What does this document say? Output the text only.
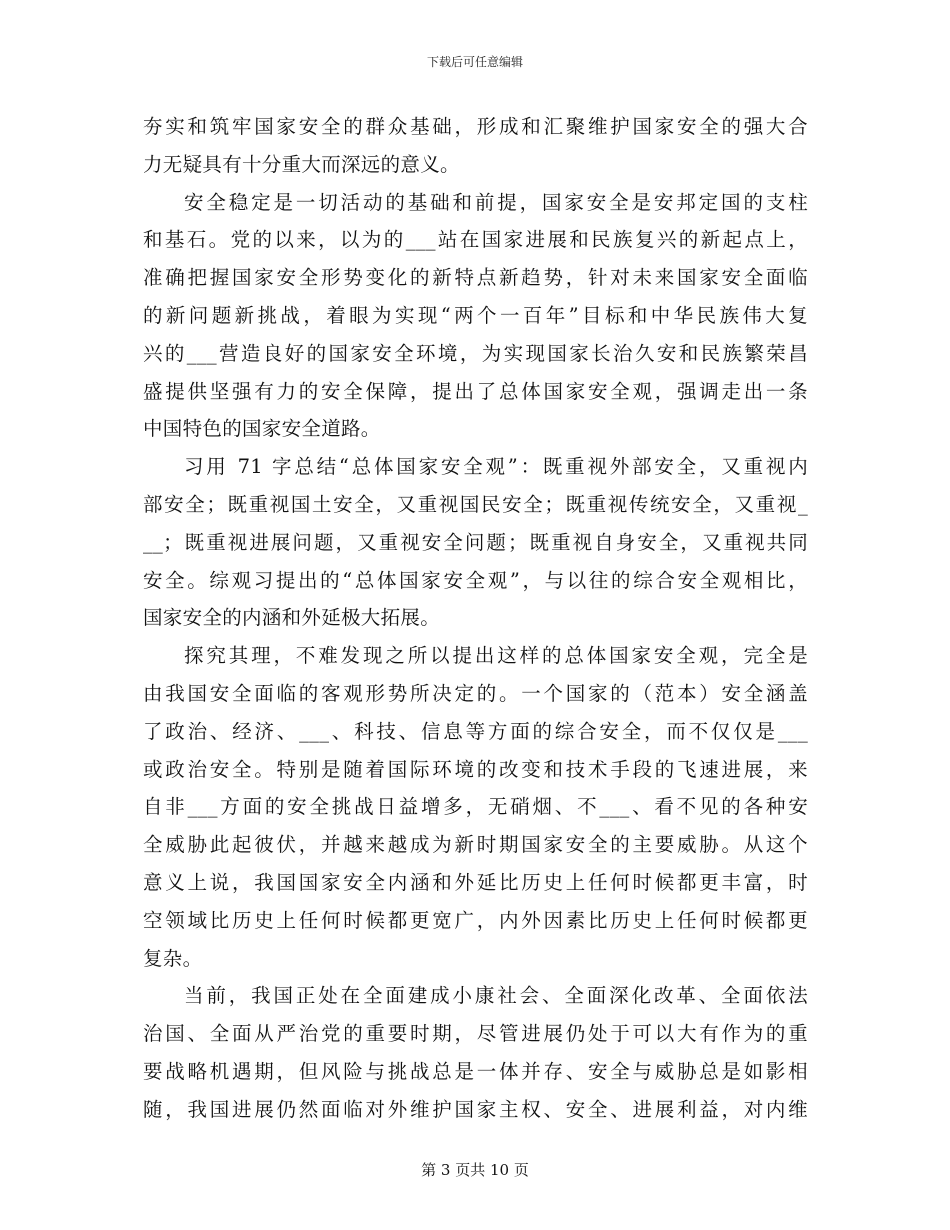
下载后可任意编辑
夯实和筑牢国家安全的群众基础，形成和汇聚维护国家安全的强大合
力无疑具有十分重大而深远的意义。
安全稳定是一切活动的基础和前提，国家安全是安邦定国的支柱
和基石。党的以来，以为的___站在国家进展和民族复兴的新起点上，
准确把握国家安全形势变化的新特点新趋势，针对未来国家安全面临
的新问题新挑战，着眼为实现“两个一百年”目标和中华民族伟大复
兴的___营造良好的国家安全环境，为实现国家长治久安和民族繁荣昌
盛提供坚强有力的安全保障，提出了总体国家安全观，强调走出一条
中国特色的国家安全道路。
习用 71 字总结“总体国家安全观”：既重视外部安全，又重视内
部安全；既重视国土安全，又重视国民安全；既重视传统安全，又重视_
__；既重视进展问题，又重视安全问题；既重视自身安全，又重视共同
安全。综观习提出的“总体国家安全观”，与以往的综合安全观相比，
国家安全的内涵和外延极大拓展。
探究其理，不难发现之所以提出这样的总体国家安全观，完全是
由我国安全面临的客观形势所决定的。一个国家的（范本）安全涵盖
了政治、经济、___、科技、信息等方面的综合安全，而不仅仅是___
或政治安全。特别是随着国际环境的改变和技术手段的飞速进展，来
自非___方面的安全挑战日益增多，无硝烟、不___、看不见的各种安
全威胁此起彼伏，并越来越成为新时期国家安全的主要威胁。从这个
意义上说，我国国家安全内涵和外延比历史上任何时候都更丰富，时
空领域比历史上任何时候都更宽广，内外因素比历史上任何时候都更
复杂。
当前，我国正处在全面建成小康社会、全面深化改革、全面依法
治国、全面从严治党的重要时期，尽管进展仍处于可以大有作为的重
要战略机遇期，但风险与挑战总是一体并存、安全与威胁总是如影相
随，我国进展仍然面临对外维护国家主权、安全、进展利益，对内维
第 3 页共 10 页
